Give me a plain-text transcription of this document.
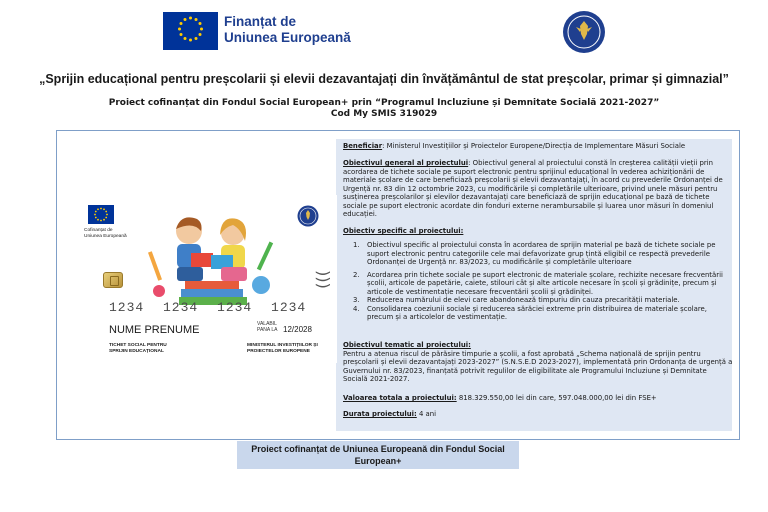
Finanțat de
Uniunea Europeană
„Sprijin educațional pentru preșcolarii și elevii dezavantajați din învățământul de stat preșcolar, primar și gimnazial”
Proiect cofinanțat din Fondul Social European+ prin “Programul Incluziune și Demnitate Socială 2021-2027”
Cod My SMIS 319029
Cofinanțat de
Uniunea Europeană
)))
1234 1234 1234 1234
NUME PRENUME	VALABIL
PANA LA 12/2028
TICHET SOCIAL PENTRU
SPRIJIN EDUCAȚIONAL
MINISTERUL INVESTIȚIILOR ȘI
PROIECTELOR EUROPENE
Beneficiar: Ministerul Investițiilor și Proiectelor Europene/Direcția de Implementare Măsuri Sociale
Obiectivul general al proiectului: Obiectivul general al proiectului constă în creșterea calității vieții prin acordarea de tichete sociale pe suport electronic pentru sprijinul educațional în vederea achiziționării de materiale școlare de care beneficiază preșcolarii și elevii dezavantajați, în acord cu prevederile Ordonanței de Urgență nr. 83 din 12 octombrie 2023, cu modificările și completările ulterioare, privind unele măsuri pentru susținerea preșcolarilor și elevilor dezavantajați care beneficiază de sprijin educațional pe bază de tichete sociale pe suport electronic acordate din fonduri externe nerambursabile și luarea unor măsuri în domeniul educației.
Obiectiv specific al proiectului:
1. Obiectivul specific al proiectului consta în acordarea de sprijin material pe bază de tichete sociale pe suport electronic pentru categoriile cele mai defavorizate grup țintă eligibil ce respectă prevederile Ordonanței de Urgență nr. 83/2023, cu modificările și completările ulterioare
2. Acordarea prin tichete sociale pe suport electronic de materiale școlare, rechizite necesare frecventării școlii, articole de papetărie, caiete, stilouri cât și alte articole necesare în școli și grădinițe, precum și articole de vestimentație necesare frecventării școlii și grădiniței.
3. Reducerea numărului de elevi care abandonează timpuriu din cauza precarității materiale.
4. Consolidarea coeziunii sociale și reducerea sărăciei extreme prin distribuirea de materiale școlare, precum și a articolelor de vestimentație.
Obiectivul tematic al proiectului:
Pentru a atenua riscul de părăsire timpurie a școlii, a fost aprobată „Schema națională de sprijin pentru preșcolarii și elevii dezavantajați 2023-2027” (S.N.S.E.D 2023-2027), implementată prin Ordonanța de urgență a Guvernului nr. 83/2023, finanțată potrivit regulilor de eligibilitate ale Programului Incluziune și Demnitate Socială 2021-2027.
Valoarea totala a proiectului: 818.329.550,00 lei din care, 597.048.000,00 lei din FSE+
Durata proiectului: 4 ani
Proiect cofinanțat de Uniunea Europeană din Fondul Social
European+
